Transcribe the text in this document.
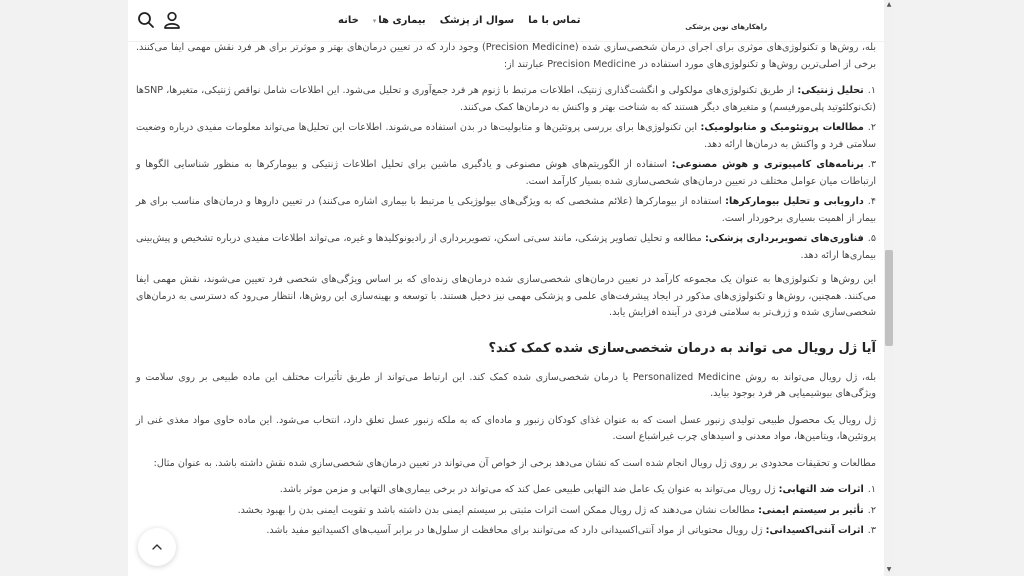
خانه	بیماری ها▾	سوال از پزشک تماس با ما
راهکارهای نوین پزشکی

بله، روش‌ها و تکنولوژی‌های موثری برای اجرای درمان شخصی‌سازی شده (Precision Medicine) وجود دارد که در تعیین درمان‌های بهتر و موثرتر برای هر فرد نقش مهمی ایفا می‌کنند. برخی از اصلی‌ترین روش‌ها و تکنولوژی‌های مورد استفاده در Precision Medicine عبارتند از:

۱.تحلیل ژنتیکی: از طریق تکنولوژی‌های مولکولی و انگشت‌گذاری ژنتیک، اطلاعات مرتبط با ژنوم هر فرد جمع‌آوری و تحلیل می‌شود. این اطلاعات شامل نواقص ژنتیکی، متغیرها، SNPها (تک‌نوکلئوتید پلی‌مورفیسم) و متغیرهای دیگر هستند که به شناخت بهتر و واکنش به درمان‌ها کمک می‌کنند.
۲.مطالعات پروتئومیک و متابولومیک: این تکنولوژی‌ها برای بررسی پروتئین‌ها و متابولیت‌ها در بدن استفاده می‌شوند. اطلاعات این تحلیل‌ها می‌تواند معلومات مفیدی درباره وضعیت سلامتی فرد و واکنش به درمان‌ها ارائه دهد.
۳.برنامه‌های کامپیوتری و هوش مصنوعی: استفاده از الگوریتم‌های هوش مصنوعی و یادگیری ماشین برای تحلیل اطلاعات ژنتیکی و بیومارکرها به منظور شناسایی الگوها و ارتباطات میان عوامل مختلف در تعیین درمان‌های شخصی‌سازی شده بسیار کارآمد است.
۴.دارویابی و تحلیل بیومارکرها: استفاده از بیومارکرها (علائم مشخصی که به ویژگی‌های بیولوژیکی یا مرتبط با بیماری اشاره می‌کنند) در تعیین داروها و درمان‌های مناسب برای هر بیمار از اهمیت بسیاری برخوردار است.
۵.فناوری‌های تصویربرداری پزشکی: مطالعه و تحلیل تصاویر پزشکی، مانند سی‌تی اسکن، تصویربرداری از رادیونوکلیدها و غیره، می‌تواند اطلاعات مفیدی درباره تشخیص و پیش‌بینی بیماری‌ها ارائه دهد.

این روش‌ها و تکنولوژی‌ها به عنوان یک مجموعه کارآمد در تعیین درمان‌های شخصی‌سازی شده درمان‌های زنده‌ای که بر اساس ویژگی‌های شخصی فرد تعیین می‌شوند، نقش مهمی ایفا می‌کنند. همچنین، روش‌ها و تکنولوژی‌های مذکور در ایجاد پیشرفت‌های علمی و پزشکی مهمی نیز دخیل هستند. با توسعه و بهینه‌سازی این روش‌ها، انتظار می‌رود که دسترسی به درمان‌های شخصی‌سازی شده و ژرف‌تر به سلامتی فردی در آینده افزایش یابد.

آیا ژل رویال می تواند به درمان شخصی‌سازی شده کمک کند؟

بله، ژل رویال می‌تواند به روش Personalized Medicine یا درمان شخصی‌سازی شده کمک کند. این ارتباط می‌تواند از طریق تأثیرات مختلف این ماده طبیعی بر روی سلامت و ویژگی‌های بیوشیمیایی هر فرد بوجود بیاید.

ژل رویال یک محصول طبیعی تولیدی زنبور عسل است که به عنوان غذای کودکان زنبور و ماده‌ای که به ملکه زنبور عسل تعلق دارد، انتخاب می‌شود. این ماده حاوی مواد مغذی غنی از پروتئین‌ها، ویتامین‌ها، مواد معدنی و اسیدهای چرب غیراشباع است.

مطالعات و تحقیقات محدودی بر روی ژل رویال انجام شده است که نشان می‌دهد برخی از خواص آن می‌تواند در تعیین درمان‌های شخصی‌سازی شده نقش داشته باشد. به عنوان مثال:

۱.اثرات ضد التهابی: ژل رویال می‌تواند به عنوان یک عامل ضد التهابی طبیعی عمل کند که می‌تواند در برخی بیماری‌های التهابی و مزمن موثر باشد.
۲.تأثیر بر سیستم ایمنی: مطالعات نشان می‌دهند که ژل رویال ممکن است اثرات مثبتی بر سیستم ایمنی بدن داشته باشد و تقویت ایمنی بدن را بهبود بخشد.
۳.اثرات آنتی‌اکسیدانی: ژل رویال محتویاتی از مواد آنتی‌اکسیدانی دارد که می‌توانند برای محافظت از سلول‌ها در برابر آسیب‌های اکسیداتیو مفید باشد.
▲
▼
